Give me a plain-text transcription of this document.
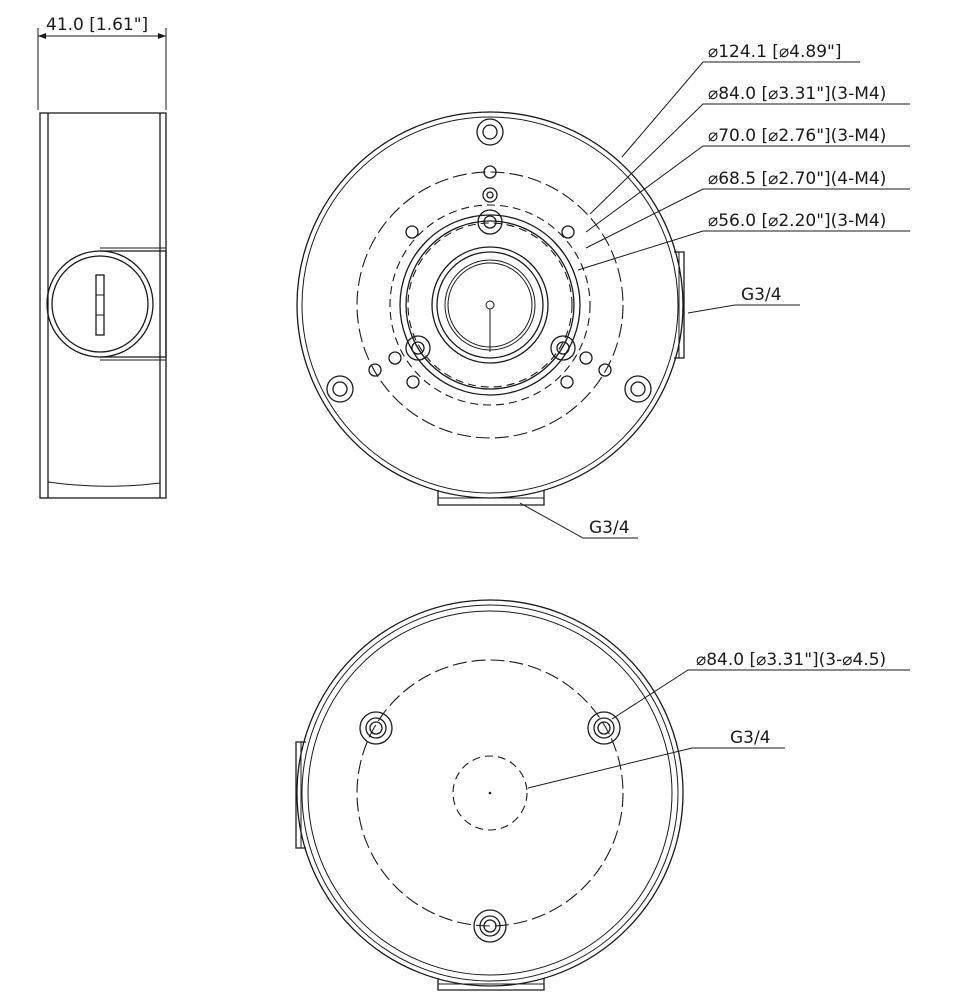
41.0 [1.61"]
⌀124.1 [⌀4.89"]
⌀84.0 [⌀3.31"](3-M4)
⌀70.0 [⌀2.76"](3-M4)
⌀68.5 [⌀2.70"](4-M4)
⌀56.0 [⌀2.20"](3-M4)
G3/4
G3/4
⌀84.0 [⌀3.31"](3-⌀4.5)
G3/4
